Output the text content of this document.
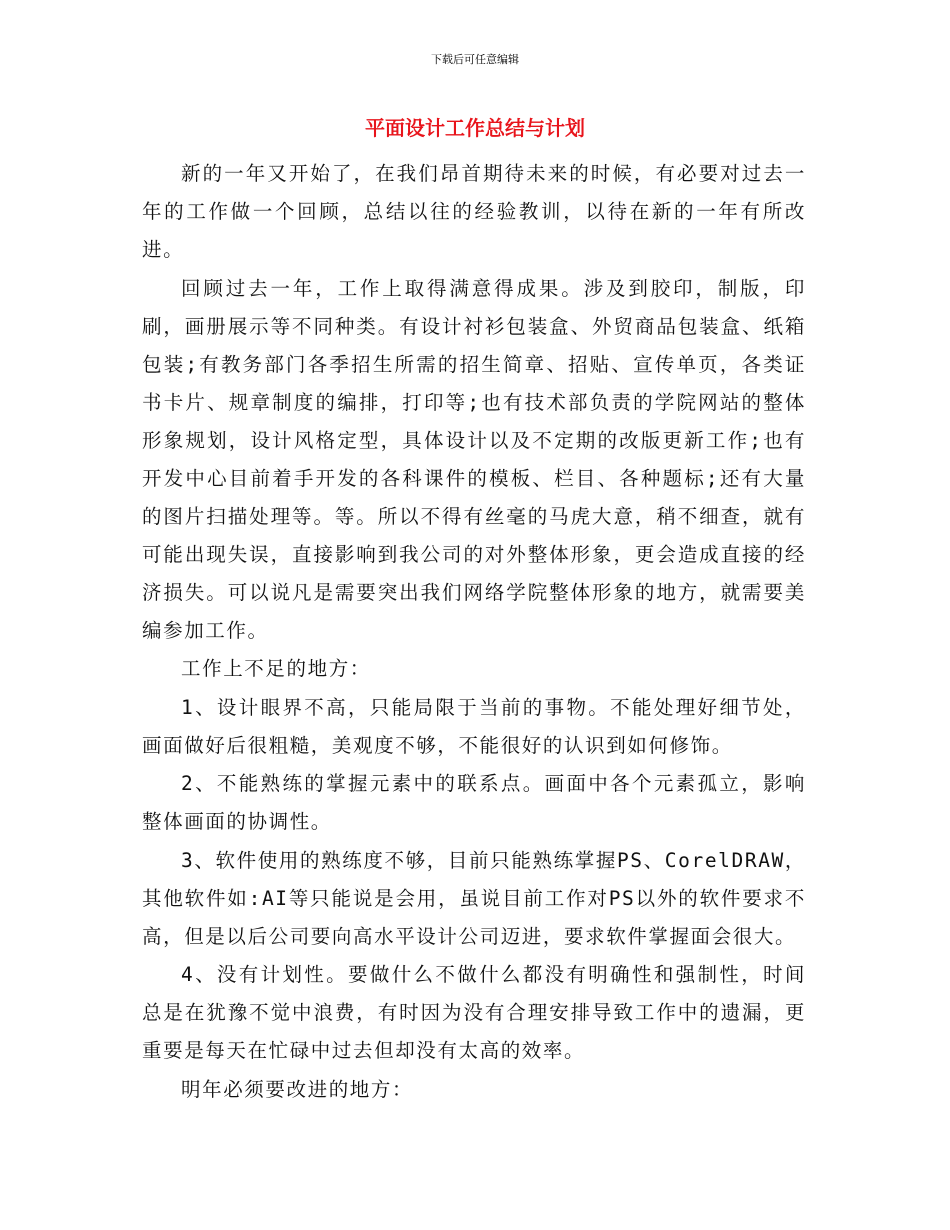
下载后可任意编辑
平面设计工作总结与计划

新的一年又开始了，在我们昂首期待未来的时候，有必要对过去一年的工作做一个回顾，总结以往的经验教训，以待在新的一年有所改进。

回顾过去一年，工作上取得满意得成果。涉及到胶印，制版，印刷，画册展示等不同种类。有设计衬衫包装盒、外贸商品包装盒、纸箱包装;有教务部门各季招生所需的招生简章、招贴、宣传单页，各类证书卡片、规章制度的编排，打印等;也有技术部负责的学院网站的整体形象规划，设计风格定型，具体设计以及不定期的改版更新工作;也有开发中心目前着手开发的各科课件的模板、栏目、各种题标;还有大量的图片扫描处理等。等。所以不得有丝毫的马虎大意，稍不细查，就有可能出现失误，直接影响到我公司的对外整体形象，更会造成直接的经济损失。可以说凡是需要突出我们网络学院整体形象的地方，就需要美编参加工作。

工作上不足的地方：

1、设计眼界不高，只能局限于当前的事物。不能处理好细节处，画面做好后很粗糙，美观度不够，不能很好的认识到如何修饰。

2、不能熟练的掌握元素中的联系点。画面中各个元素孤立，影响整体画面的协调性。

3、软件使用的熟练度不够，目前只能熟练掌握PS、CorelDRAW，其他软件如:AI等只能说是会用，虽说目前工作对PS以外的软件要求不高，但是以后公司要向高水平设计公司迈进，要求软件掌握面会很大。

4、没有计划性。要做什么不做什么都没有明确性和强制性，时间总是在犹豫不觉中浪费，有时因为没有合理安排导致工作中的遗漏，更重要是每天在忙碌中过去但却没有太高的效率。

明年必须要改进的地方：
